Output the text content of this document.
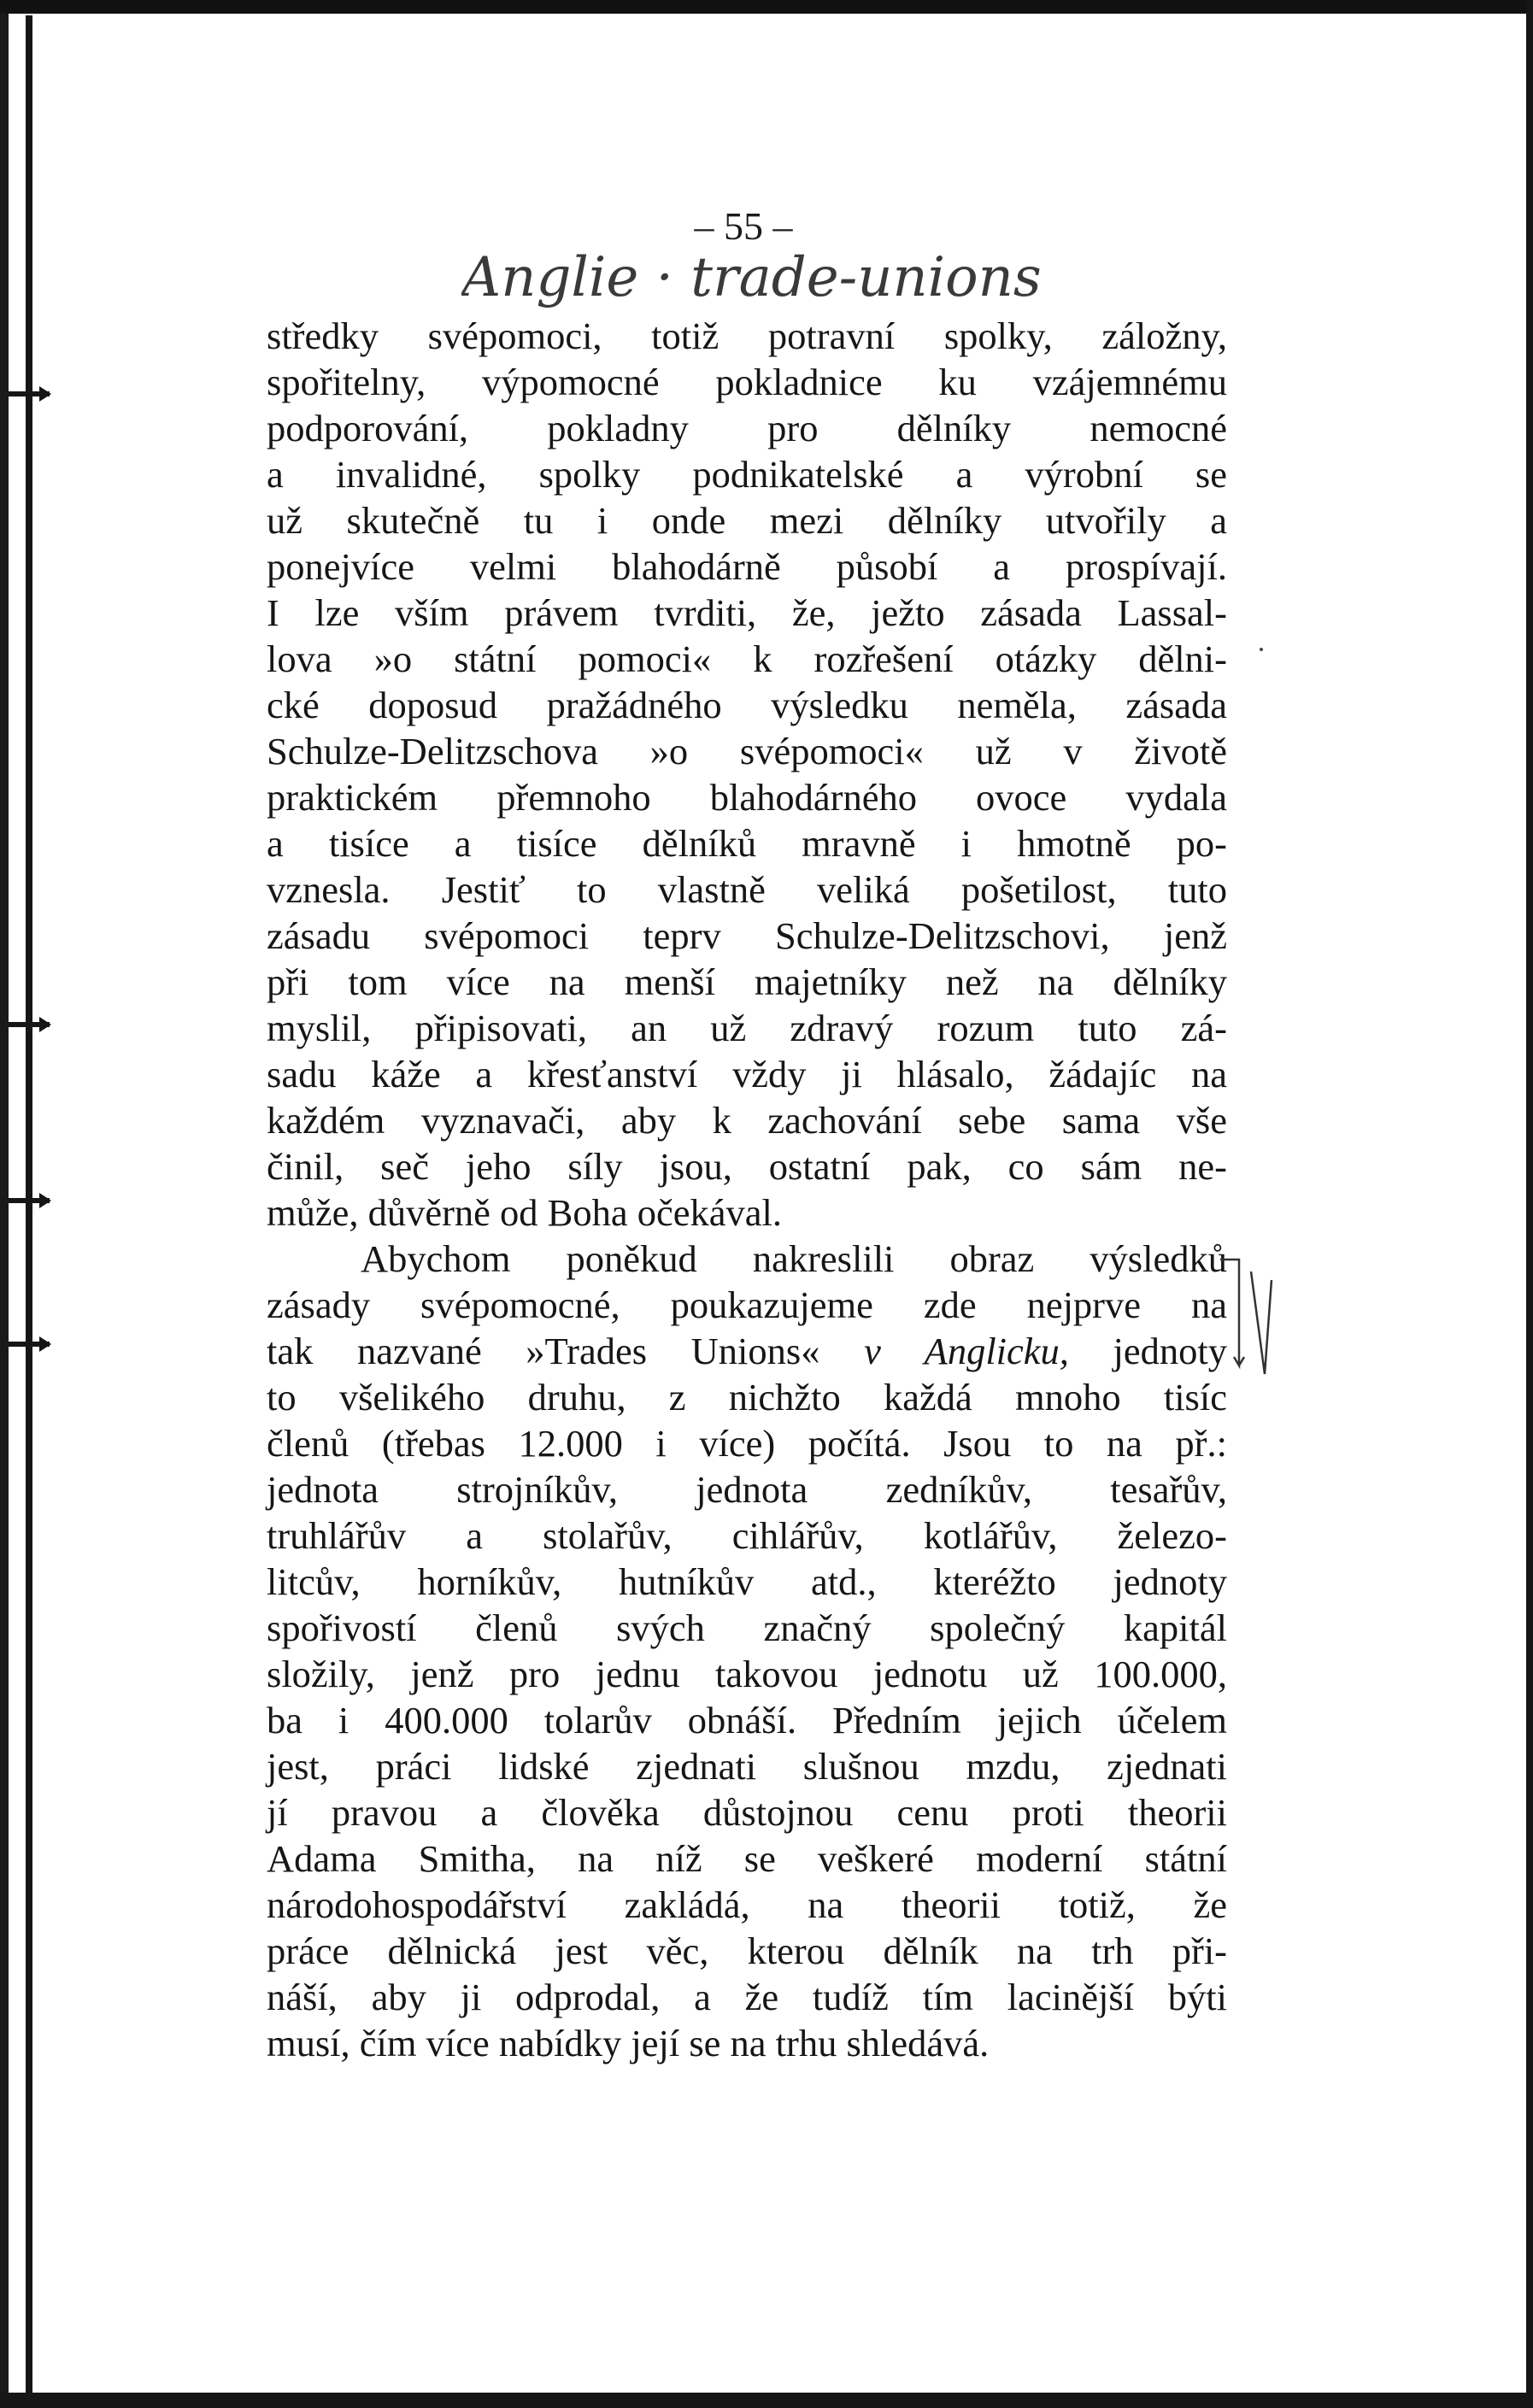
– 55 –
Anglie · trade-unions
středky svépomoci, totiž potravní spolky, záložny,
spořitelny, výpomocné pokladnice ku vzájemnému
podporování, pokladny pro dělníky nemocné
a invalidné, spolky podnikatelské a výrobní se
už skutečně tu i onde mezi dělníky utvořily a
ponejvíce velmi blahodárně působí a prospívají.
I lze vším právem tvrditi, že, ježto zásada Lassal-
lova »o státní pomoci« k rozřešení otázky dělni-
cké doposud pražádného výsledku neměla, zásada
Schulze-Delitzschova »o svépomoci« už v životě
praktickém přemnoho blahodárného ovoce vydala
a tisíce a tisíce dělníků mravně i hmotně po-
vznesla. Jestiť to vlastně veliká pošetilost, tuto
zásadu svépomoci teprv Schulze-Delitzschovi, jenž
při tom více na menší majetníky než na dělníky
myslil, připisovati, an už zdravý rozum tuto zá-
sadu káže a křesťanství vždy ji hlásalo, žádajíc na
každém vyznavači, aby k zachování sebe sama vše
činil, seč jeho síly jsou, ostatní pak, co sám ne-
může, důvěrně od Boha očekával.
Abychom poněkud nakreslili obraz výsledků
zásady svépomocné, poukazujeme zde nejprve na
tak nazvané »Trades Unions« v Anglicku, jednoty
to všelikého druhu, z nichžto každá mnoho tisíc
členů (třebas 12.000 i více) počítá. Jsou to na př.:
jednota strojníkův, jednota zedníkův, tesařův,
truhlářův a stolařův, cihlářův, kotlářův, železo-
litcův, horníkův, hutníkův atd., kteréžto jednoty
spořivostí členů svých značný společný kapitál
složily, jenž pro jednu takovou jednotu už 100.000,
ba i 400.000 tolarův obnáší. Předním jejich účelem
jest, práci lidské zjednati slušnou mzdu, zjednati
jí pravou a člověka důstojnou cenu proti theorii
Adama Smitha, na níž se veškeré moderní státní
národohospodářství zakládá, na theorii totiž, že
práce dělnická jest věc, kterou dělník na trh při-
náší, aby ji odprodal, a že tudíž tím lacinější býti
musí, čím více nabídky její se na trhu shledává.
